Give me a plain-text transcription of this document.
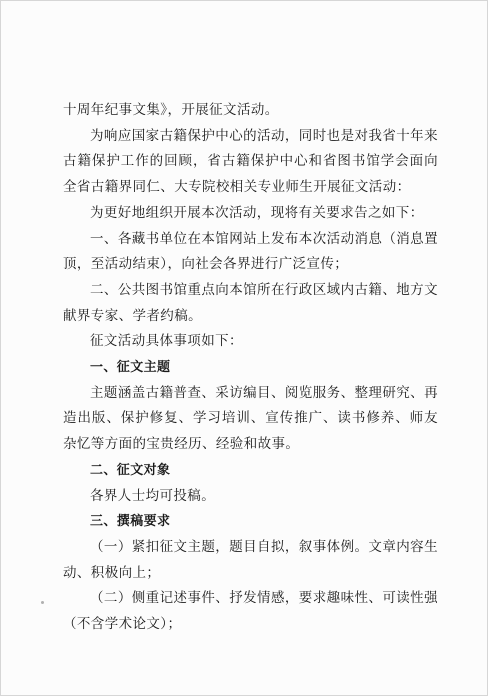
十周年纪事文集》，开展征文活动。

为响应国家古籍保护中心的活动，同时也是对我省十年来古籍保护工作的回顾，省古籍保护中心和省图书馆学会面向全省古籍界同仁、大专院校相关专业师生开展征文活动：

为更好地组织开展本次活动，现将有关要求告之如下：

一、各藏书单位在本馆网站上发布本次活动消息（消息置顶，至活动结束），向社会各界进行广泛宣传；

二、公共图书馆重点向本馆所在行政区域内古籍、地方文献界专家、学者约稿。

征文活动具体事项如下：

一、征文主题

主题涵盖古籍普查、采访编目、阅览服务、整理研究、再造出版、保护修复、学习培训、宣传推广、读书修养、师友杂忆等方面的宝贵经历、经验和故事。

二、征文对象

各界人士均可投稿。

三、撰稿要求

（一）紧扣征文主题，题目自拟，叙事体例。文章内容生动、积极向上；

（二）侧重记述事件、抒发情感，要求趣味性、可读性强（不含学术论文）；
